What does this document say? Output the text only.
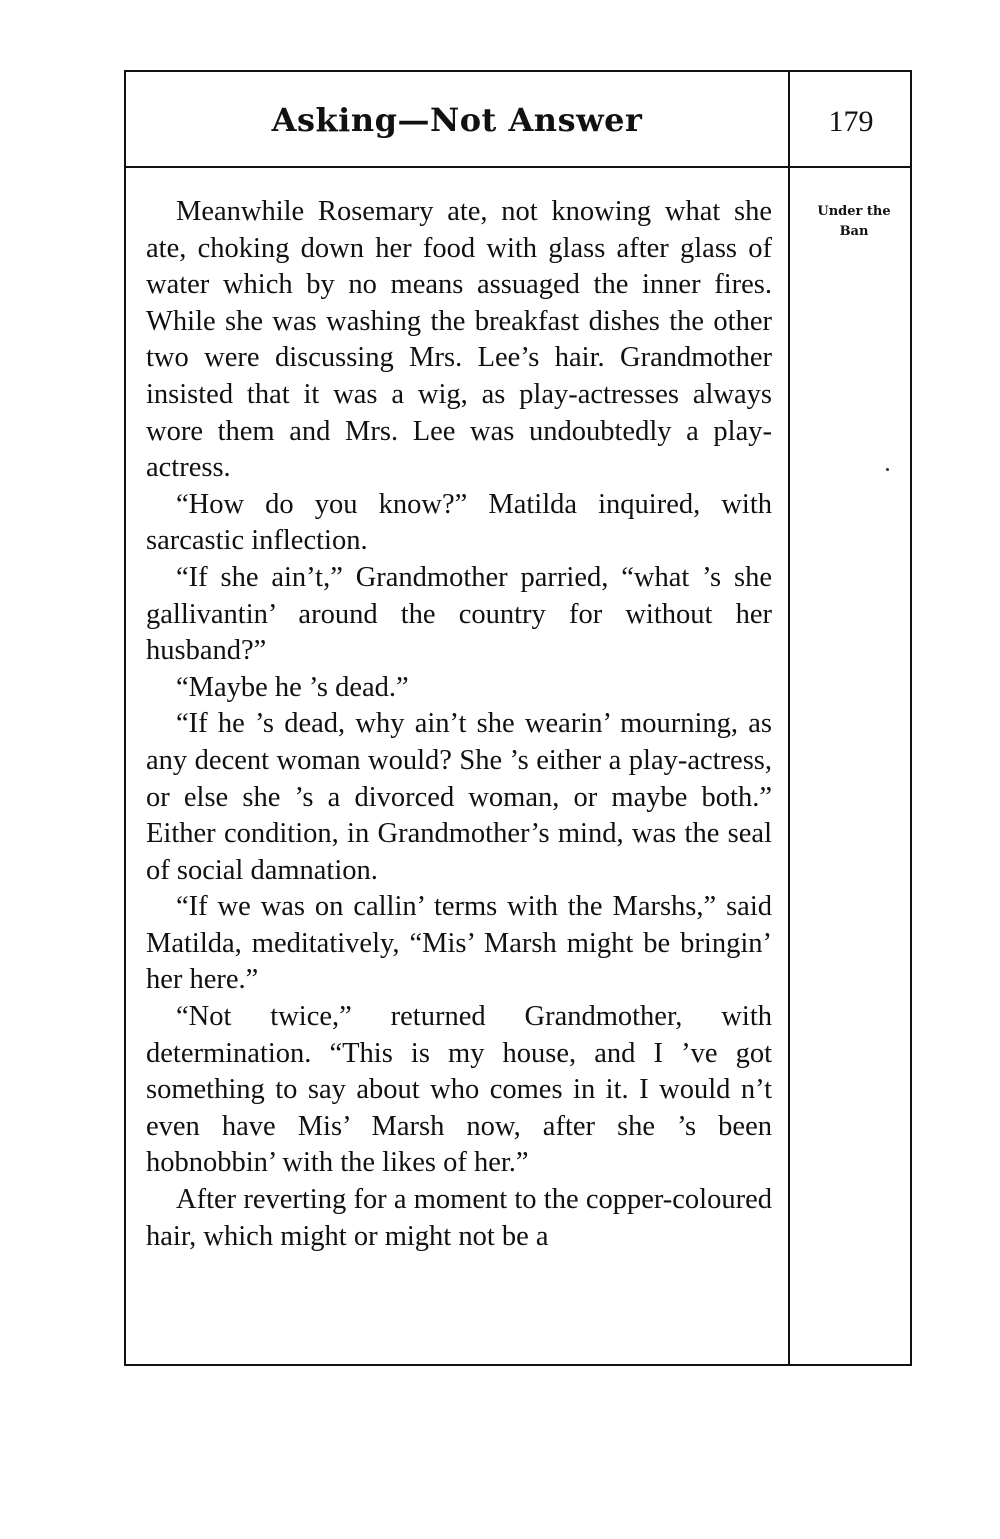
Asking—Not Answer	179
Under the
Ban

Meanwhile Rosemary ate, not knowing what she ate, choking down her food with glass after glass of water which by no means assuaged the inner fires. While she was washing the breakfast dishes the other two were discussing Mrs. Lee’s hair. Grandmother insisted that it was a wig, as play-actresses always wore them and Mrs. Lee was undoubtedly a play-actress.

“How do you know?” Matilda inquired, with sarcastic inflection.

“If she ain’t,” Grandmother parried, “what ’s she gallivantin’ around the country for without her husband?”

“Maybe he ’s dead.”

“If he ’s dead, why ain’t she wearin’ mourning, as any decent woman would? She ’s either a play-actress, or else she ’s a divorced woman, or maybe both.” Either condition, in Grandmother’s mind, was the seal of social damnation.

“If we was on callin’ terms with the Marshs,” said Matilda, meditatively, “Mis’ Marsh might be bringin’ her here.”

“Not twice,” returned Grandmother, with determination. “This is my house, and I ’ve got something to say about who comes in it. I would n’t even have Mis’ Marsh now, after she ’s been hobnobbin’ with the likes of her.”

After reverting for a moment to the copper-coloured hair, which might or might not be a
